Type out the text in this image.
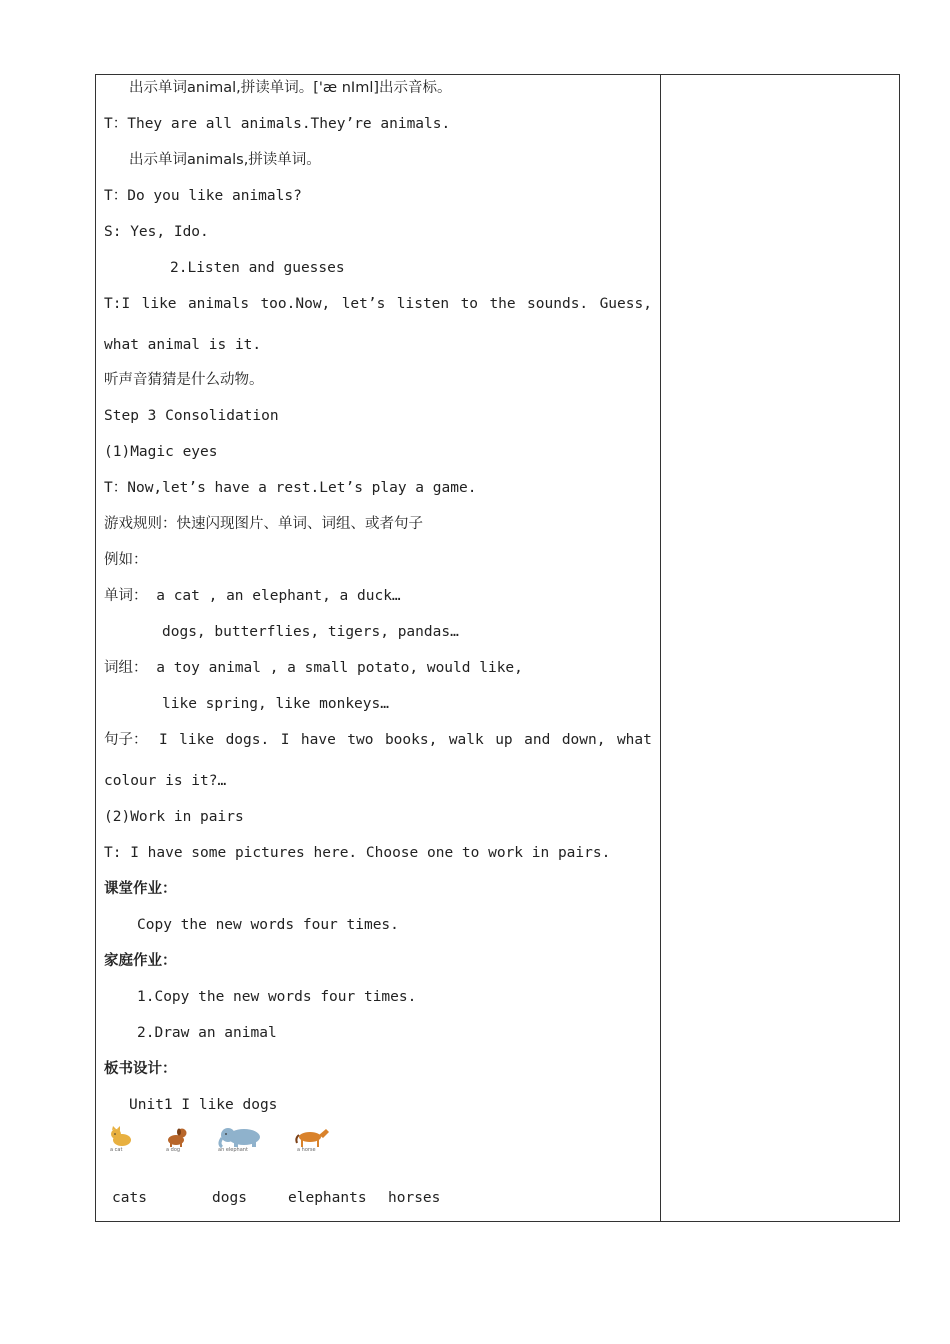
出示单词animal,拼读单词。['æ nIml]出示音标。
T：They are all animals.They’re animals.
出示单词animals,拼读单词。
T：Do you like animals?
S: Yes, Ido.
2.Listen and guesses
T:I like animals too.Now, let’s listen to the sounds. Guess,
what animal is it.
听声音猜猜是什么动物。
Step 3 Consolidation
(1)Magic eyes
T：Now,let’s have a rest.Let’s play a game.
游戏规则：快速闪现图片、单词、词组、或者句子
例如：
单词： a cat , an elephant, a duck…
dogs, butterflies, tigers, pandas…
词组： a toy animal , a small potato, would like,
like spring, like monkeys…
句子： I like dogs. I have two books, walk up and down, what
colour is it?…
(2)Work in pairs
T: I have some pictures here. Choose one to work in pairs.
课堂作业：
Copy the new words four times.
家庭作业：
1.Copy the new words four times.
2.Draw an animal
板书设计：
Unit1 I like dogs
a cat	a dog	an elephant	a horse
cats	dogs	elephants horses
